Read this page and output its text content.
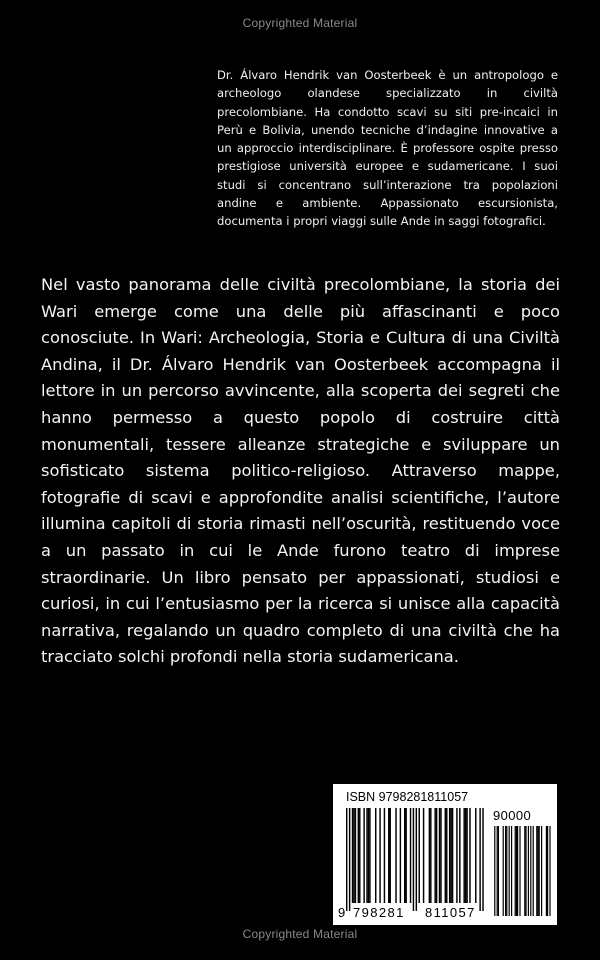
Copyrighted Material

Dr. Álvaro Hendrik van Oosterbeek è un antropologo e archeologo olandese specializzato in civiltà precolombiane. Ha condotto scavi su siti pre-incaici in Perù e Bolivia, unendo tecniche d’indagine innovative a un approccio interdisciplinare. È professore ospite presso prestigiose università europee e sudamericane. I suoi studi si concentrano sull’interazione tra popolazioni andine e ambiente. Appassionato escursionista, documenta i propri viaggi sulle Ande in saggi fotografici.

Nel vasto panorama delle civiltà precolombiane, la storia dei Wari emerge come una delle più affascinanti e poco conosciute. In Wari: Archeologia, Storia e Cultura di una Civiltà Andina, il Dr. Álvaro Hendrik van Oosterbeek accompagna il lettore in un percorso avvincente, alla scoperta dei segreti che hanno permesso a questo popolo di costruire città monumentali, tessere alleanze strategiche e sviluppare un sofisticato sistema politico-religioso. Attraverso mappe, fotografie di scavi e approfondite analisi scientifiche, l’autore illumina capitoli di storia rimasti nell’oscurità, restituendo voce a un passato in cui le Ande furono teatro di imprese straordinarie. Un libro pensato per appassionati, studiosi e curiosi, in cui l’entusiasmo per la ricerca si unisce alla capacità narrativa, regalando un quadro completo di una civiltà che ha tracciato solchi profondi nella storia sudamericana.

ISBN 9798281811057
90000
9 798281	811057
Copyrighted Material
